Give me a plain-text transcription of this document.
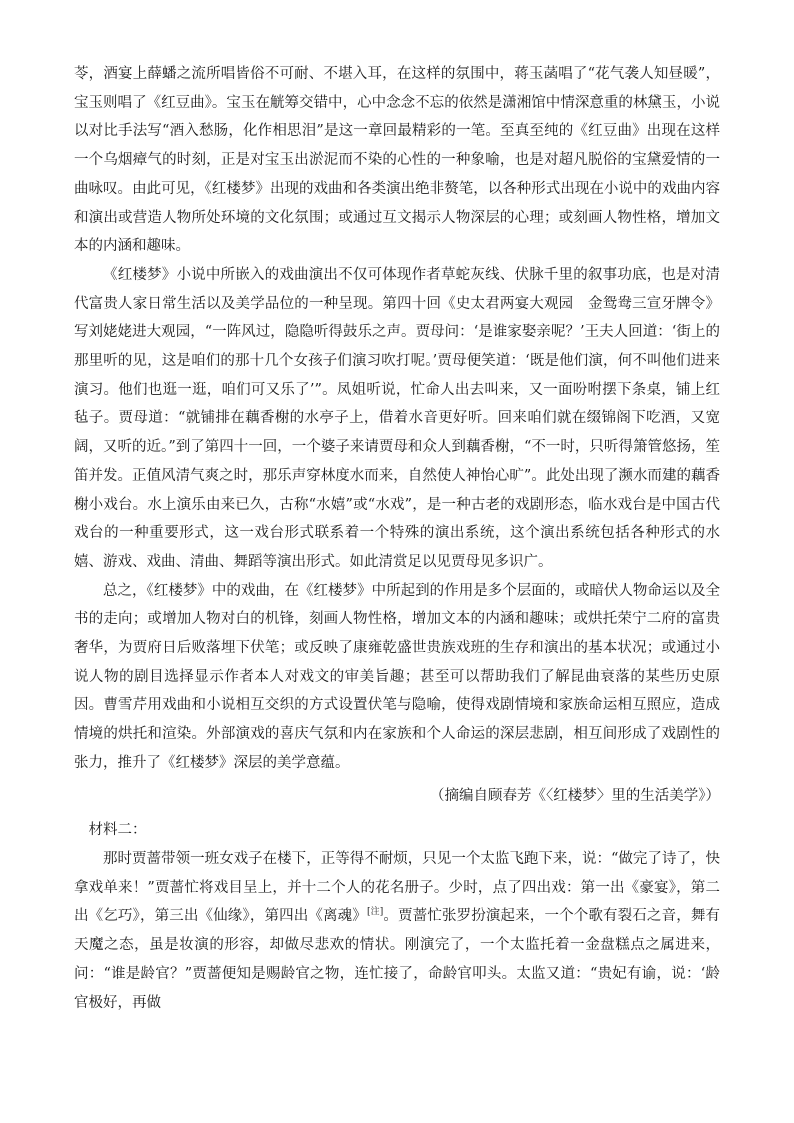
苓，酒宴上薛蟠之流所唱皆俗不可耐、不堪入耳，在这样的氛围中，蒋玉菡唱了“花气袭人知昼暖”，宝玉则唱了《红豆曲》。宝玉在觥筹交错中，心中念念不忘的依然是潇湘馆中情深意重的林黛玉，小说以对比手法写“酒入愁肠，化作相思泪”是这一章回最精彩的一笔。至真至纯的《红豆曲》出现在这样一个乌烟瘴气的时刻，正是对宝玉出淤泥而不染的心性的一种象喻，也是对超凡脱俗的宝黛爱情的一曲咏叹。由此可见，《红楼梦》出现的戏曲和各类演出绝非赘笔，以各种形式出现在小说中的戏曲内容和演出或营造人物所处环境的文化氛围；或通过互文揭示人物深层的心理；或刻画人物性格，增加文本的内涵和趣味。

《红楼梦》小说中所嵌入的戏曲演出不仅可体现作者草蛇灰线、伏脉千里的叙事功底，也是对清代富贵人家日常生活以及美学品位的一种呈现。第四十回《史太君两宴大观园　金鸳鸯三宣牙牌令》写刘姥姥进大观园，“一阵风过，隐隐听得鼓乐之声。贾母问：‘是谁家娶亲呢？’王夫人回道：‘街上的那里听的见，这是咱们的那十几个女孩子们演习吹打呢。’贾母便笑道：‘既是他们演，何不叫他们进来演习。他们也逛一逛，咱们可又乐了’”。凤姐听说，忙命人出去叫来，又一面吩咐摆下条桌，铺上红毡子。贾母道：“就铺排在藕香榭的水亭子上，借着水音更好听。回来咱们就在缀锦阁下吃酒，又宽阔，又听的近。”到了第四十一回，一个婆子来请贾母和众人到藕香榭，“不一时，只听得箫管悠扬，笙笛并发。正值风清气爽之时，那乐声穿林度水而来，自然使人神怡心旷”。此处出现了濒水而建的藕香榭小戏台。水上演乐由来已久，古称“水嬉”或“水戏”，是一种古老的戏剧形态，临水戏台是中国古代戏台的一种重要形式，这一戏台形式联系着一个特殊的演出系统，这个演出系统包括各种形式的水嬉、游戏、戏曲、清曲、舞蹈等演出形式。如此清赏足以见贾母见多识广。

总之，《红楼梦》中的戏曲，在《红楼梦》中所起到的作用是多个层面的，或暗伏人物命运以及全书的走向；或增加人物对白的机锋，刻画人物性格，增加文本的内涵和趣味；或烘托荣宁二府的富贵奢华，为贾府日后败落埋下伏笔；或反映了康雍乾盛世贵族戏班的生存和演出的基本状况；或通过小说人物的剧目选择显示作者本人对戏文的审美旨趣；甚至可以帮助我们了解昆曲衰落的某些历史原因。曹雪芹用戏曲和小说相互交织的方式设置伏笔与隐喻，使得戏剧情境和家族命运相互照应，造成情境的烘托和渲染。外部演戏的喜庆气氛和内在家族和个人命运的深层悲剧，相互间形成了戏剧性的张力，推升了《红楼梦》深层的美学意蕴。

（摘编自顾春芳《〈红楼梦〉里的生活美学》）

材料二：

那时贾蔷带领一班女戏子在楼下，正等得不耐烦，只见一个太监飞跑下来，说：“做完了诗了，快拿戏单来！”贾蔷忙将戏目呈上，并十二个人的花名册子。少时，点了四出戏：第一出《豪宴》，第二出《乞巧》，第三出《仙缘》，第四出《离魂》[注]。贾蔷忙张罗扮演起来，一个个歌有裂石之音，舞有天魔之态，虽是妆演的形容，却做尽悲欢的情状。刚演完了，一个太监托着一金盘糕点之属进来，问：“谁是龄官？”贾蔷便知是赐龄官之物，连忙接了，命龄官叩头。太监又道：“贵妃有谕，说：‘龄官极好，再做
